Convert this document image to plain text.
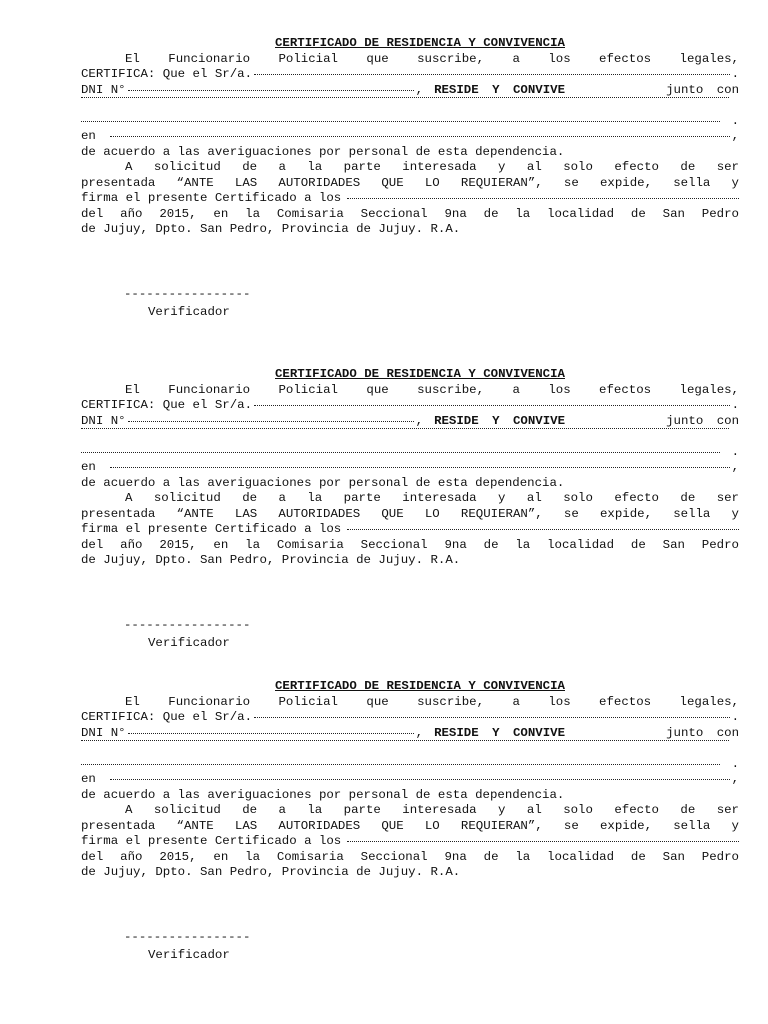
CERTIFICADO DE RESIDENCIA Y CONVIVENCIA
El Funcionario Policial que suscribe, a los efectos legales,
CERTIFICA: Que el Sr/a.	.
DNI N°	, RESIDE Y CONVIVE	junto con
.
en	,
de acuerdo a las averiguaciones por personal de esta dependencia.
A solicitud de a la parte interesada y al solo efecto de ser
presentada “ANTE LAS AUTORIDADES QUE LO REQUIERAN”, se expide, sella y
firma el presente Certificado a los
del año 2015, en la Comisaria Seccional 9na de la localidad de San Pedro
de Jujuy, Dpto. San Pedro, Provincia de Jujuy. R.A.
-----------------
Verificador
CERTIFICADO DE RESIDENCIA Y CONVIVENCIA
El Funcionario Policial que suscribe, a los efectos legales,
CERTIFICA: Que el Sr/a.	.
DNI N°	, RESIDE Y CONVIVE	junto con
.
en	,
de acuerdo a las averiguaciones por personal de esta dependencia.
A solicitud de a la parte interesada y al solo efecto de ser
presentada “ANTE LAS AUTORIDADES QUE LO REQUIERAN”, se expide, sella y
firma el presente Certificado a los
del año 2015, en la Comisaria Seccional 9na de la localidad de San Pedro
de Jujuy, Dpto. San Pedro, Provincia de Jujuy. R.A.
-----------------
Verificador
CERTIFICADO DE RESIDENCIA Y CONVIVENCIA
El Funcionario Policial que suscribe, a los efectos legales,
CERTIFICA: Que el Sr/a.	.
DNI N°	, RESIDE Y CONVIVE	junto con
.
en	,
de acuerdo a las averiguaciones por personal de esta dependencia.
A solicitud de a la parte interesada y al solo efecto de ser
presentada “ANTE LAS AUTORIDADES QUE LO REQUIERAN”, se expide, sella y
firma el presente Certificado a los
del año 2015, en la Comisaria Seccional 9na de la localidad de San Pedro
de Jujuy, Dpto. San Pedro, Provincia de Jujuy. R.A.
-----------------
Verificador
